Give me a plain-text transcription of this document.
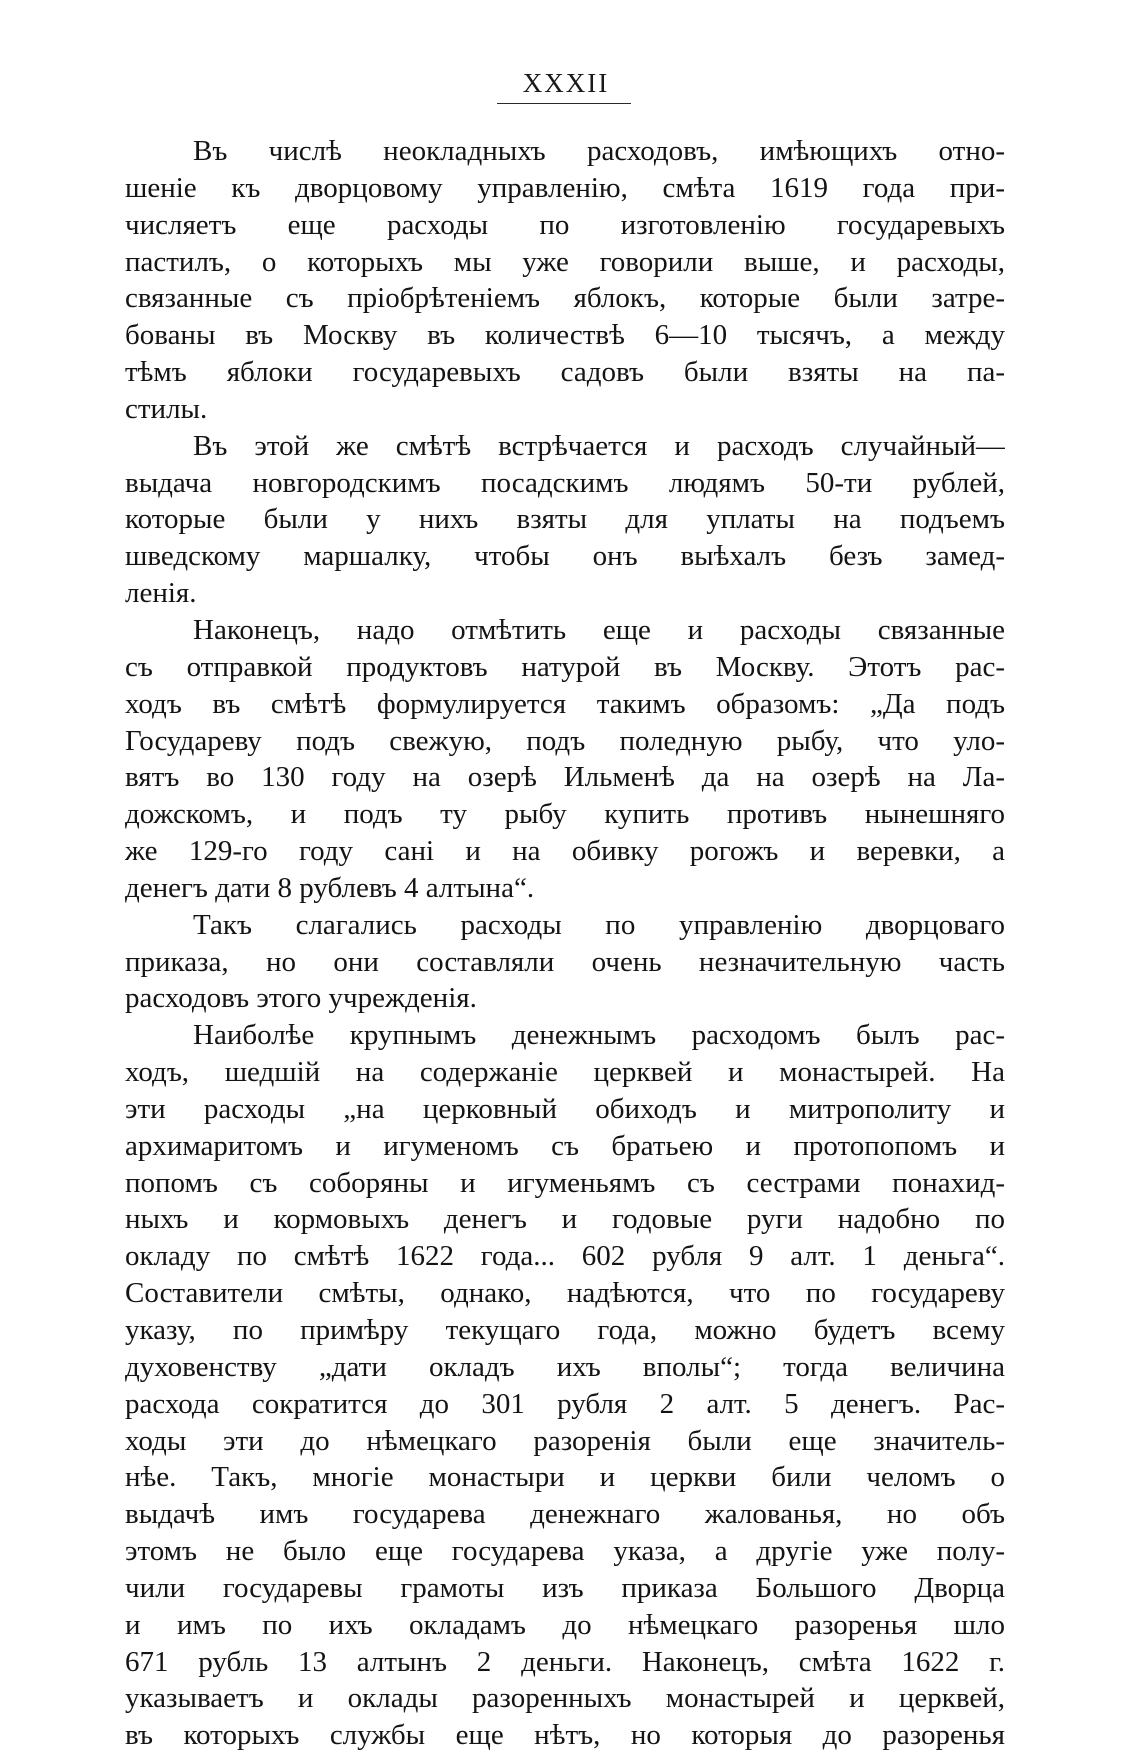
XXXII
Въ числѣ неокладныхъ расходовъ, имѣющихъ отно-
шеніе къ дворцовому управленію, смѣта 1619 года при-
числяетъ еще расходы по изготовленію государевыхъ
пастилъ, о которыхъ мы уже говорили выше, и расходы,
связанные съ пріобрѣтеніемъ яблокъ, которые были затре-
бованы въ Москву въ количествѣ 6—10 тысячъ, а между
тѣмъ яблоки государевыхъ садовъ были взяты на па-
стилы.
Въ этой же смѣтѣ встрѣчается и расходъ случайный—
выдача новгородскимъ посадскимъ людямъ 50-ти рублей,
которые были у нихъ взяты для уплаты на подъемъ
шведскому маршалку, чтобы онъ выѣхалъ безъ замед-
ленія.
Наконецъ, надо отмѣтить еще и расходы связанные
съ отправкой продуктовъ натурой въ Москву. Этотъ рас-
ходъ въ смѣтѣ формулируется такимъ образомъ: „Да подъ
Государеву подъ свежую, подъ поледную рыбу, что уло-
вятъ во 130 году на озерѣ Ильменѣ да на озерѣ на Ла-
дожскомъ, и подъ ту рыбу купить противъ нынешняго
же 129-го году сані и на обивку рогожъ и веревки, а
денегъ дати 8 рублевъ 4 алтына“.
Такъ слагались расходы по управленію дворцоваго
приказа, но они составляли очень незначительную часть
расходовъ этого учрежденія.
Наиболѣе крупнымъ денежнымъ расходомъ былъ рас-
ходъ, шедшій на содержаніе церквей и монастырей. На
эти расходы „на церковный обиходъ и митрополиту и
архимаритомъ и игуменомъ съ братьею и протопопомъ и
попомъ съ соборяны и игуменьямъ съ сестрами понахид-
ныхъ и кормовыхъ денегъ и годовые руги надобно по
окладу по смѣтѣ 1622 года... 602 рубля 9 алт. 1 деньга“.
Составители смѣты, однако, надѣются, что по государеву
указу, по примѣру текущаго года, можно будетъ всему
духовенству „дати окладъ ихъ вполы“; тогда величина
расхода сократится до 301 рубля 2 алт. 5 денегъ. Рас-
ходы эти до нѣмецкаго разоренія были еще значитель-
нѣе. Такъ, многіе монастыри и церкви били челомъ о
выдачѣ имъ государева денежнаго жалованья, но объ
этомъ не было еще государева указа, а другіе уже полу-
чили государевы грамоты изъ приказа Большого Дворца
и имъ по ихъ окладамъ до нѣмецкаго разоренья шло
671 рубль 13 алтынъ 2 деньги. Наконецъ, смѣта 1622 г.
указываетъ и оклады разоренныхъ монастырей и церквей,
въ которыхъ службы еще нѣтъ, но которыя до разоренья
